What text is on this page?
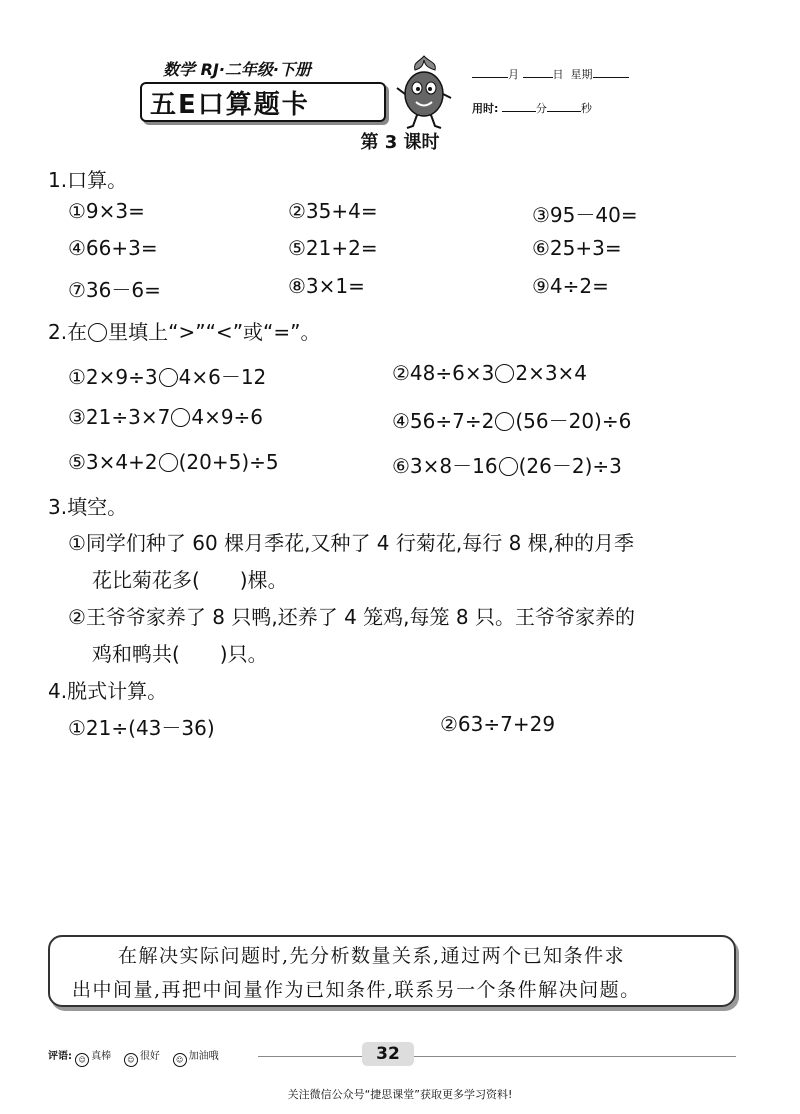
数学 RJ·二年级·下册
五E口算题卡
月	日 星期
用时:	分	秒
第 3 课时
1.口算。
①9×3=	②35+4=	③95－40=
④66+3=	⑤21+2=	⑥25+3=
⑦36－6=	⑧3×1=	⑨4÷2=
2.在 里填上“>”“<”或“=”。
①2×9÷3 4×6－12	②48÷6×3 2×3×4
③21÷3×7 4×9÷6	④56÷7÷2 (56－20)÷6
⑤3×4+2 (20+5)÷5	⑥3×8－16 (26－2)÷3
3.填空。
①同学们种了 60 棵月季花,又种了 4 行菊花,每行 8 棵,种的月季
花比菊花多(　　)棵。
②王爷爷家养了 8 只鸭,还养了 4 笼鸡,每笼 8 只。王爷爷家养的
鸡和鸭共(　　)只。
4.脱式计算。
①21÷(43－36)	②63÷7+29
在解决实际问题时,先分析数量关系,通过两个已知条件求
出中间量,再把中间量作为已知条件,联系另一个条件解决问题。
评语: ☺ 真棒 ☺ 很好 ☺ 加油哦	32
关注微信公众号“捷思课堂”获取更多学习资料!
